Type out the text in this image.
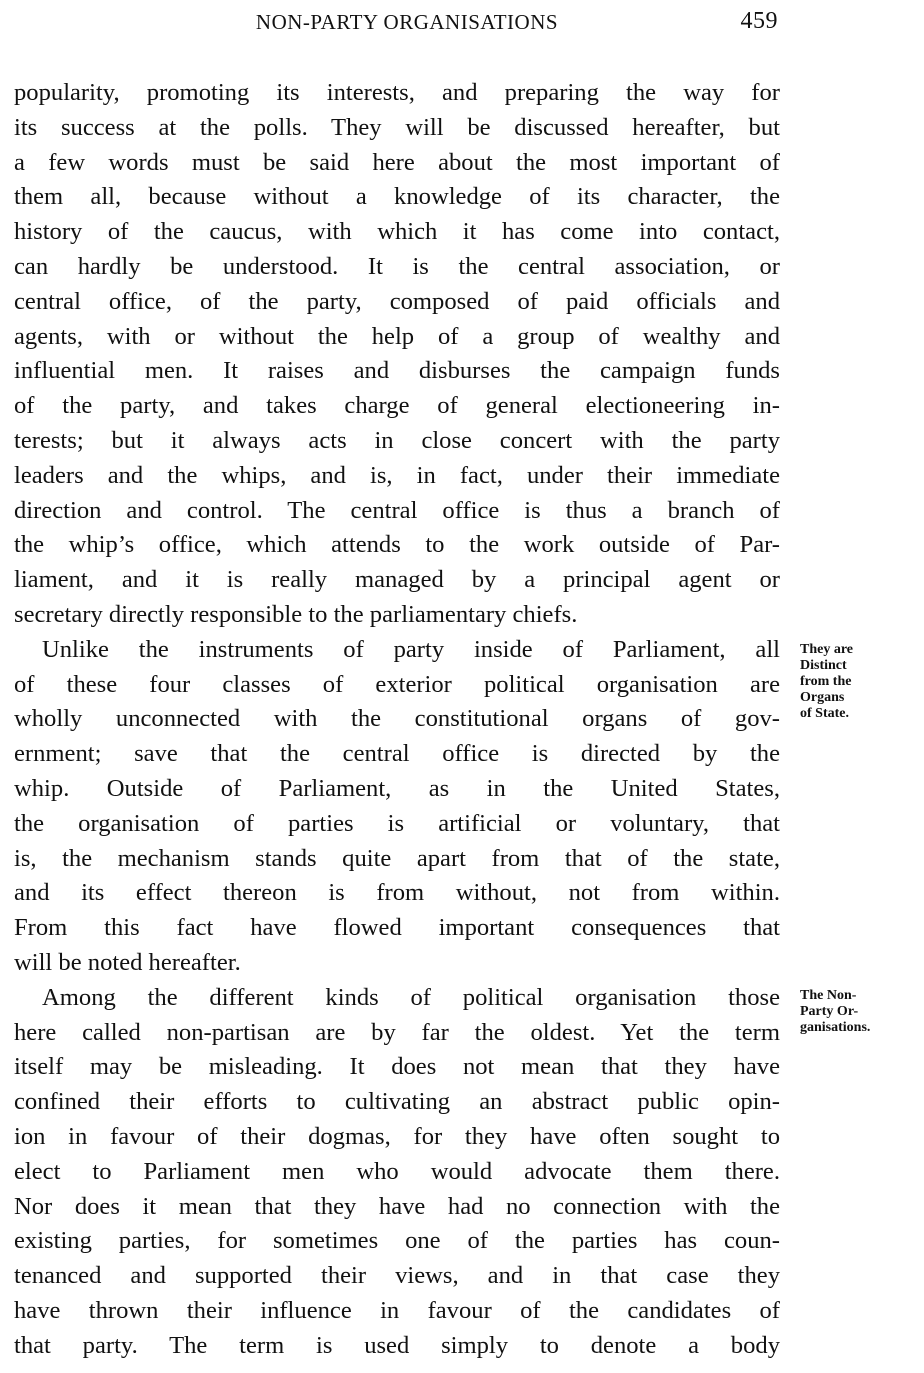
NON-PARTY ORGANISATIONS	459
popularity, promoting its interests, and preparing the way for
its success at the polls. They will be discussed hereafter, but
a few words must be said here about the most important of
them all, because without a knowledge of its character, the
history of the caucus, with which it has come into contact,
can hardly be understood. It is the central association, or
central office, of the party, composed of paid officials and
agents, with or without the help of a group of wealthy and
influential men. It raises and disburses the campaign funds
of the party, and takes charge of general electioneering in-
terests; but it always acts in close concert with the party
leaders and the whips, and is, in fact, under their immediate
direction and control. The central office is thus a branch of
the whip’s office, which attends to the work outside of Par-
liament, and it is really managed by a principal agent or
secretary directly responsible to the parliamentary chiefs.
Unlike the instruments of party inside of Parliament, all
of these four classes of exterior political organisation are
wholly unconnected with the constitutional organs of gov-
ernment; save that the central office is directed by the
whip. Outside of Parliament, as in the United States,
the organisation of parties is artificial or voluntary, that
is, the mechanism stands quite apart from that of the state,
and its effect thereon is from without, not from within.
From this fact have flowed important consequences that
will be noted hereafter.
Among the different kinds of political organisation those
here called non-partisan are by far the oldest. Yet the term
itself may be misleading. It does not mean that they have
confined their efforts to cultivating an abstract public opin-
ion in favour of their dogmas, for they have often sought to
elect to Parliament men who would advocate them there.
Nor does it mean that they have had no connection with the
existing parties, for sometimes one of the parties has coun-
tenanced and supported their views, and in that case they
have thrown their influence in favour of the candidates of
that party. The term is used simply to denote a body
They are
Distinct
from the
Organs
of State.
The Non-
Party Or-
ganisations.
